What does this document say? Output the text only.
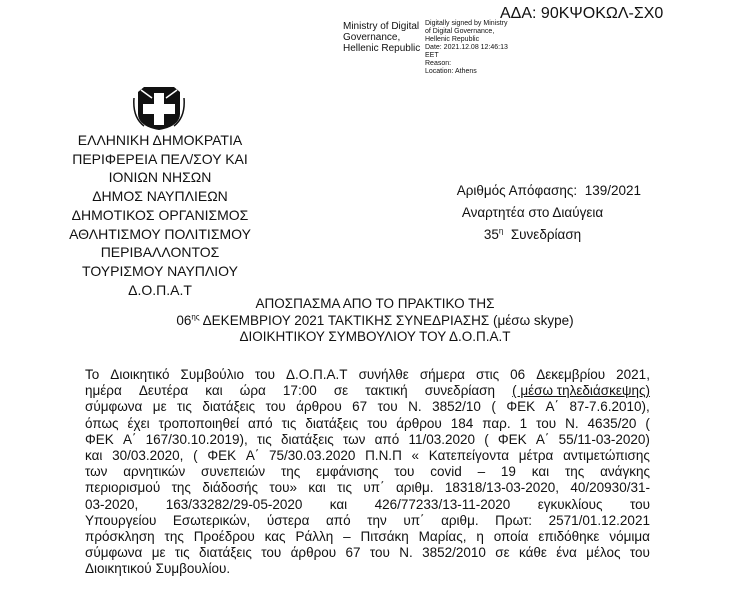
ΑΔΑ: 90ΚΨΟΚΩΛ-ΣΧ0
Ministry of Digital
Governance,
Hellenic Republic
Digitally signed by Ministry
of Digital Governance,
Hellenic Republic
Date: 2021.12.08 12:46:13
EET
Reason:
Location: Athens
ΕΛΛΗΝΙΚΗ ΔΗΜΟΚΡΑΤΙΑ
ΠΕΡΙΦΕΡΕΙΑ ΠΕΛ/ΣΟΥ ΚΑΙ
ΙΟΝΙΩΝ ΝΗΣΩΝ
ΔΗΜΟΣ ΝΑΥΠΛΙΕΩΝ
ΔΗΜΟΤΙΚΟΣ ΟΡΓΑΝΙΣΜΟΣ
ΑΘΛΗΤΙΣΜΟΥ ΠΟΛΙΤΙΣΜΟΥ
ΠΕΡΙΒΑΛΛΟΝΤΟΣ
ΤΟΥΡΙΣΜΟΥ ΝΑΥΠΛΙΟΥ
Δ.Ο.Π.Α.Τ
Αριθμός Απόφασης: 139/2021
Αναρτητέα στο Διαύγεια
$35^\eta$ Συνεδρίαση
ΑΠΟΣΠΑΣΜΑ ΑΠΟ ΤΟ ΠΡΑΚΤΙΚΟ ΤΗΣ
$06^{\eta\varsigma}$ ΔΕΚΕΜΒΡΙΟΥ 2021 ΤΑΚΤΙΚΗΣ ΣΥΝΕΔΡΙΑΣΗΣ (μέσω skype)
ΔΙΟΙΚΗΤΙΚΟΥ ΣΥΜΒΟΥΛΙΟΥ ΤΟΥ Δ.Ο.Π.Α.Τ
Το Διοικητικό Συμβούλιο του Δ.Ο.Π.Α.Τ συνήλθε σήμερα στις 06 Δεκεμβρίου 2021,
ημέρα Δευτέρα και ώρα 17:00 σε τακτική συνεδρίαση ( μέσω τηλεδιάσκεψης)
σύμφωνα με τις διατάξεις του άρθρου 67 του Ν. 3852/10 ( ΦΕΚ Α΄ 87-7.6.2010),
όπως έχει τροποποιηθεί από τις διατάξεις του άρθρου 184 παρ. 1 του Ν. 4635/20 (
ΦΕΚ Α΄ 167/30.10.2019), τις διατάξεις των από 11/03.2020 ( ΦΕΚ Α΄ 55/11-03-2020)
και 30/03.2020, ( ΦΕΚ Α΄ 75/30.03.2020 Π.Ν.Π « Κατεπείγοντα μέτρα αντιμετώπισης
των αρνητικών συνεπειών της εμφάνισης του covid – 19 και της ανάγκης
περιορισμού της διάδοσής του» και τις υπ΄ αριθμ. 18318/13-03-2020, 40/20930/31-
03-2020, 163/33282/29-05-2020 και 426/77233/13-11-2020 εγκυκλίους του
Υπουργείου Εσωτερικών, ύστερα από την υπ΄ αριθμ. Πρωτ: 2571/01.12.2021
πρόσκληση της Προέδρου κας Ράλλη – Πιτσάκη Μαρίας, η οποία επιδόθηκε νόμιμα
σύμφωνα με τις διατάξεις του άρθρου 67 του Ν. 3852/2010 σε κάθε ένα μέλος του
Διοικητικού Συμβουλίου.
